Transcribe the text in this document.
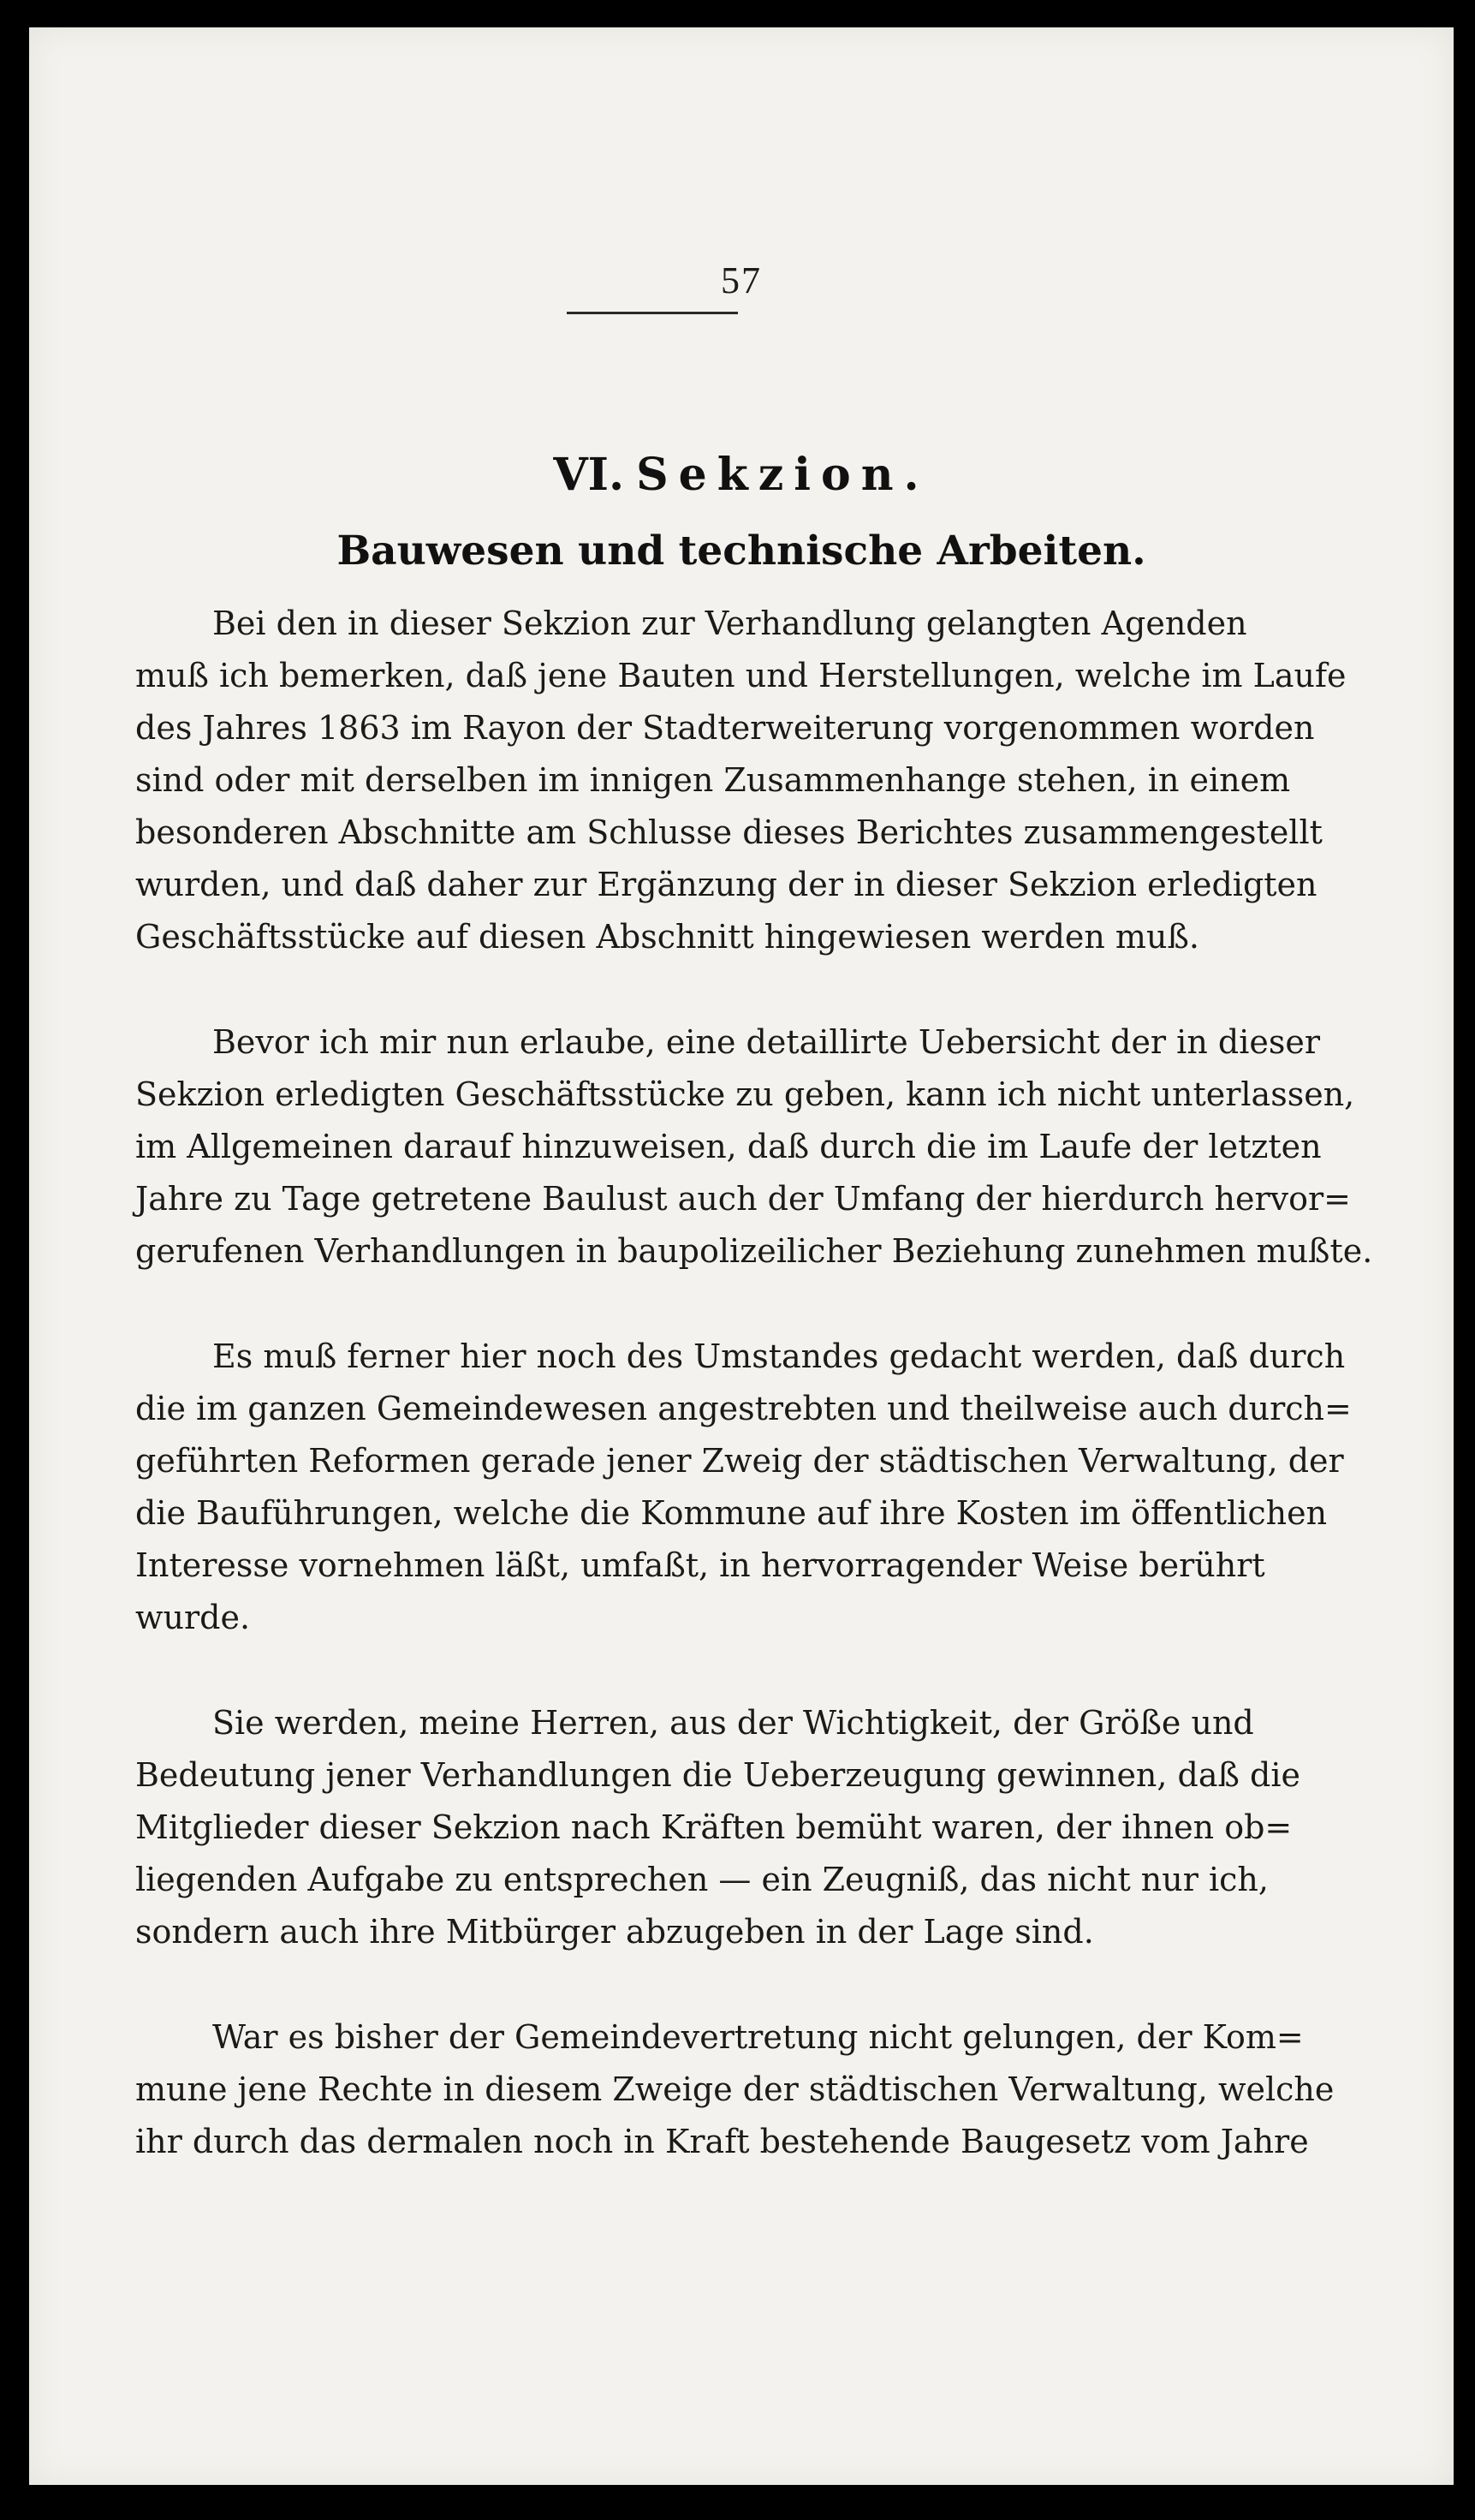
57
VI. Sekzion.
Bauwesen und technische Arbeiten.
Bei den in dieser Sekzion zur Verhandlung gelangten Agenden
muß ich bemerken, daß jene Bauten und Herstellungen, welche im Laufe
des Jahres 1863 im Rayon der Stadterweiterung vorgenommen worden
sind oder mit derselben im innigen Zusammenhange stehen, in einem
besonderen Abschnitte am Schlusse dieses Berichtes zusammengestellt
wurden, und daß daher zur Ergänzung der in dieser Sekzion erledigten
Geschäftsstücke auf diesen Abschnitt hingewiesen werden muß.
Bevor ich mir nun erlaube, eine detaillirte Uebersicht der in dieser
Sekzion erledigten Geschäftsstücke zu geben, kann ich nicht unterlassen,
im Allgemeinen darauf hinzuweisen, daß durch die im Laufe der letzten
Jahre zu Tage getretene Baulust auch der Umfang der hierdurch hervor=
gerufenen Verhandlungen in baupolizeilicher Beziehung zunehmen mußte.
Es muß ferner hier noch des Umstandes gedacht werden, daß durch
die im ganzen Gemeindewesen angestrebten und theilweise auch durch=
geführten Reformen gerade jener Zweig der städtischen Verwaltung, der
die Bauführungen, welche die Kommune auf ihre Kosten im öffentlichen
Interesse vornehmen läßt, umfaßt, in hervorragender Weise berührt
wurde.
Sie werden, meine Herren, aus der Wichtigkeit, der Größe und
Bedeutung jener Verhandlungen die Ueberzeugung gewinnen, daß die
Mitglieder dieser Sekzion nach Kräften bemüht waren, der ihnen ob=
liegenden Aufgabe zu entsprechen — ein Zeugniß, das nicht nur ich,
sondern auch ihre Mitbürger abzugeben in der Lage sind.
War es bisher der Gemeindevertretung nicht gelungen, der Kom=
mune jene Rechte in diesem Zweige der städtischen Verwaltung, welche
ihr durch das dermalen noch in Kraft bestehende Baugesetz vom Jahre
